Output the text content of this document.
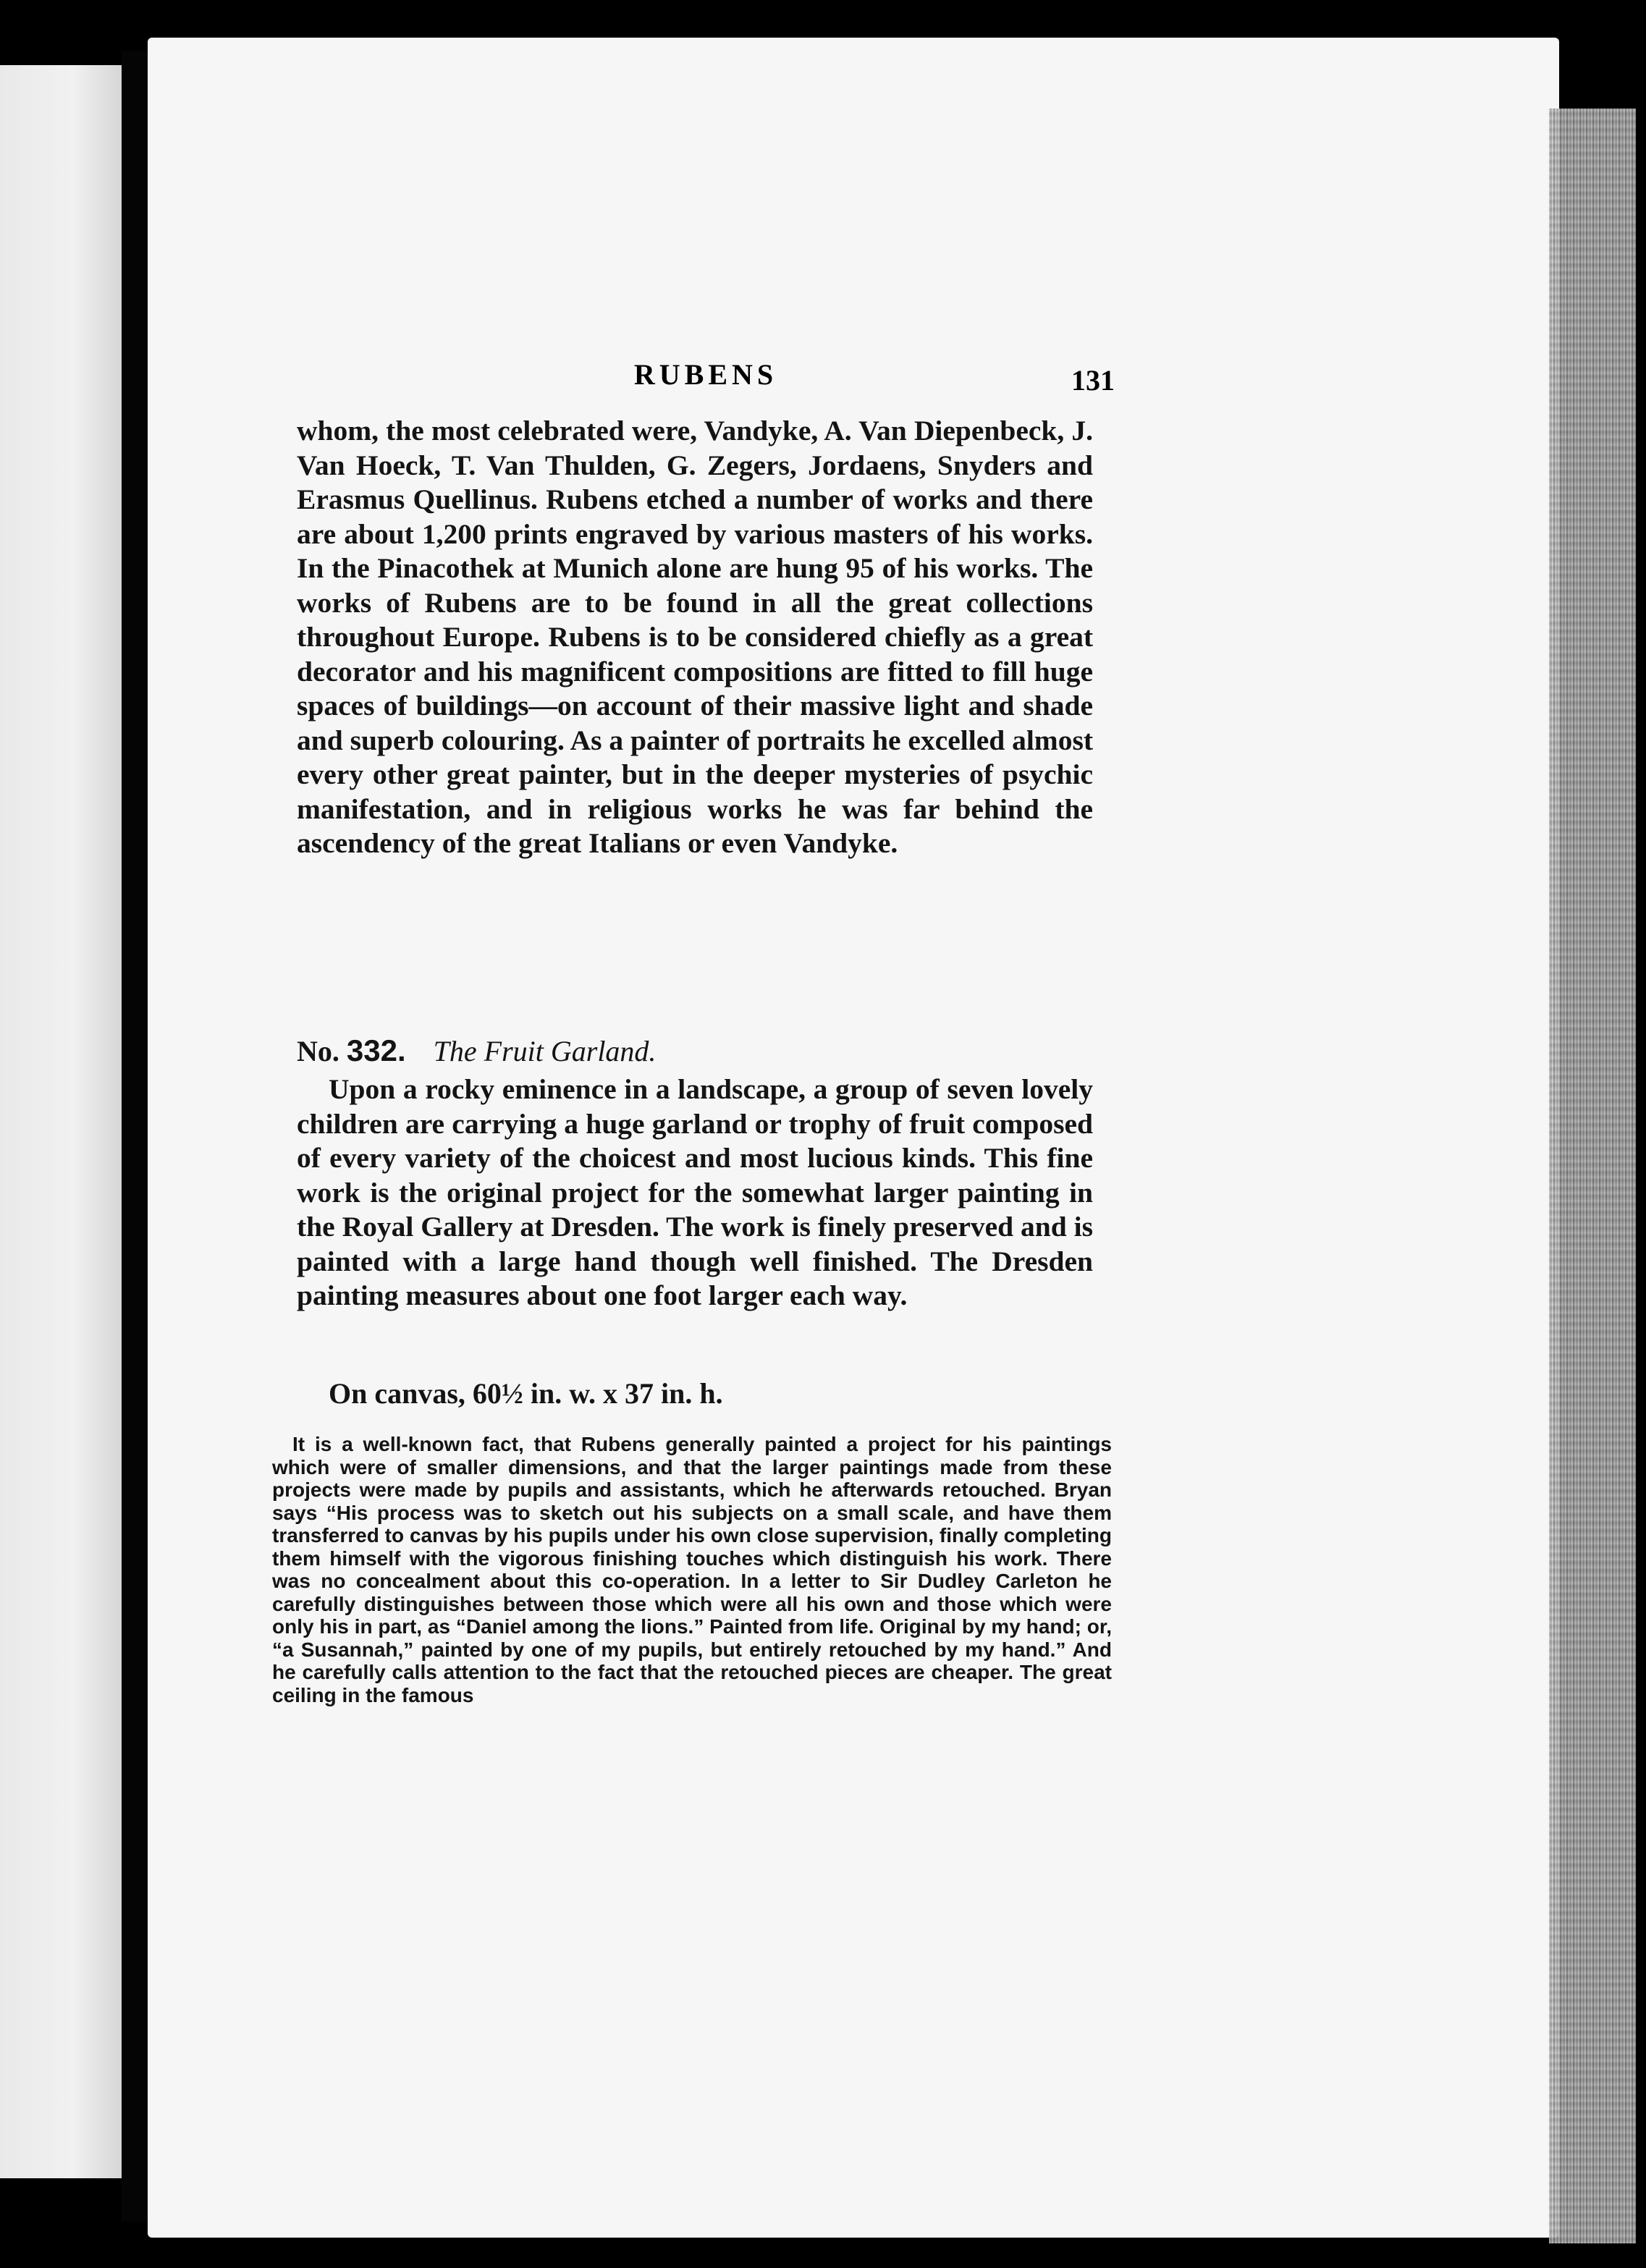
RUBENS	131

whom, the most celebrated were, Vandyke, A. Van Diepenbeck, J. Van Hoeck, T. Van Thulden, G. Zegers, Jordaens, Snyders and Erasmus Quellinus. Rubens etched a number of works and there are about 1,200 prints engraved by various masters of his works. In the Pinacothek at Munich alone are hung 95 of his works. The works of Rubens are to be found in all the great collections throughout Europe. Rubens is to be considered chiefly as a great decorator and his magnificent compositions are fitted to fill huge spaces of buildings—on account of their massive light and shade and superb colouring. As a painter of portraits he excelled almost every other great painter, but in the deeper mysteries of psychic manifestation, and in religious works he was far behind the ascendency of the great Italians or even Vandyke.

No. 332. The Fruit Garland.

Upon a rocky eminence in a landscape, a group of seven lovely children are carrying a huge garland or trophy of fruit composed of every variety of the choicest and most lucious kinds. This fine work is the original project for the somewhat larger painting in the Royal Gallery at Dresden. The work is finely preserved and is painted with a large hand though well finished. The Dresden painting measures about one foot larger each way.

On canvas, 60½ in. w. x 37 in. h.

It is a well-known fact, that Rubens generally painted a project for his paintings which were of smaller dimensions, and that the larger paintings made from these projects were made by pupils and assistants, which he afterwards retouched. Bryan says “His process was to sketch out his subjects on a small scale, and have them transferred to canvas by his pupils under his own close supervision, finally completing them himself with the vigorous finishing touches which distinguish his work. There was no concealment about this co-operation. In a letter to Sir Dudley Carleton he carefully distinguishes between those which were all his own and those which were only his in part, as “Daniel among the lions.” Painted from life. Original by my hand; or, “a Susannah,” painted by one of my pupils, but entirely retouched by my hand.” And he carefully calls attention to the fact that the retouched pieces are cheaper. The great ceiling in the famous
